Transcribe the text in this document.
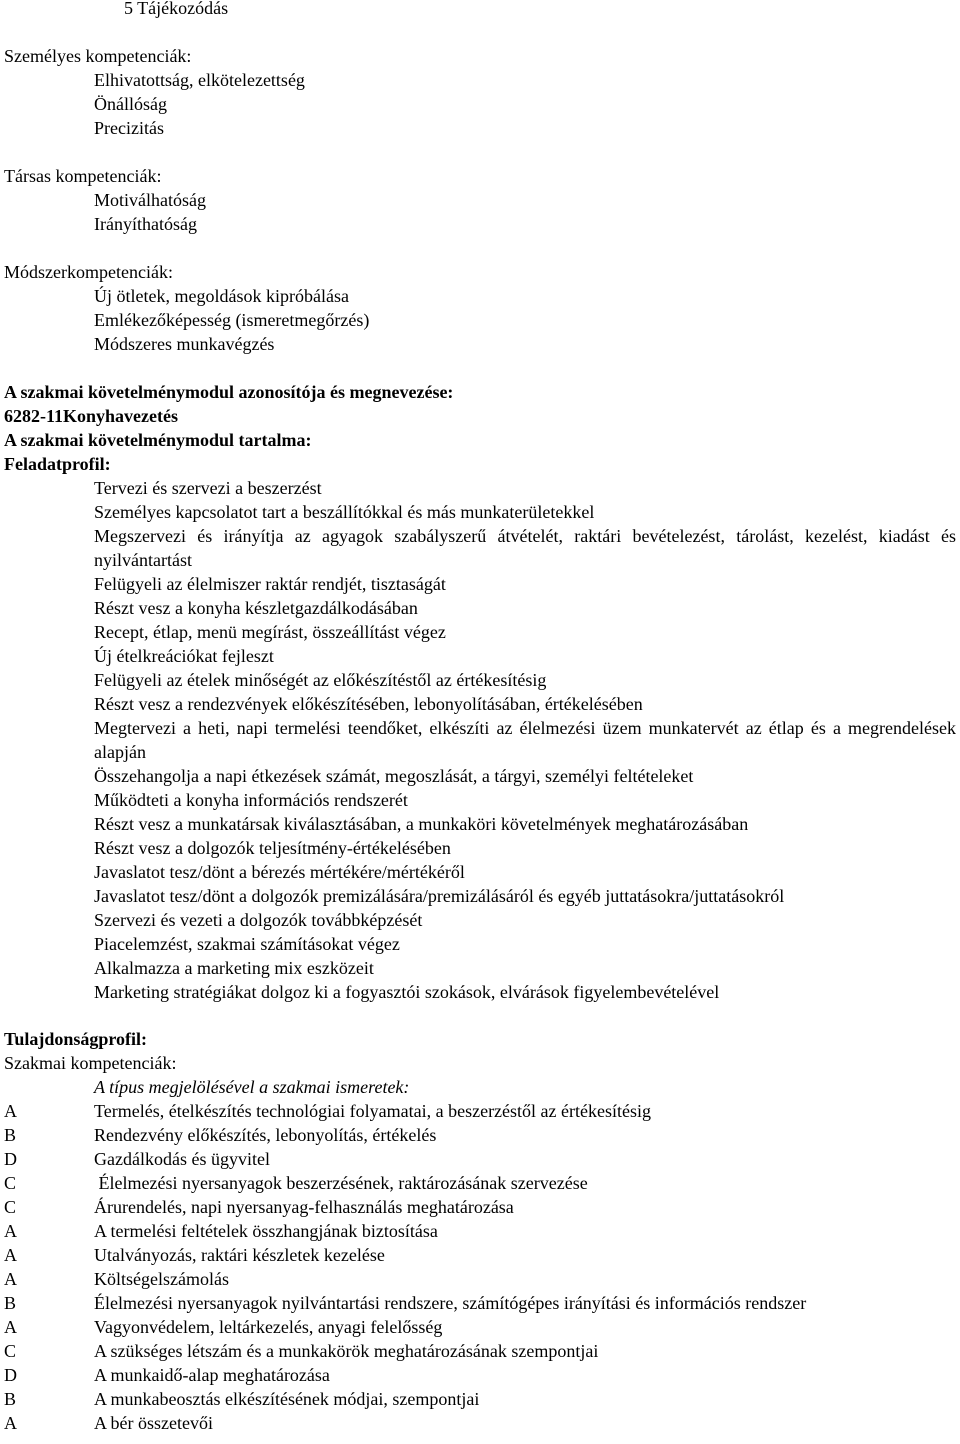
5 Tájékozódás
Személyes kompetenciák:
Elhivatottság, elkötelezettség
Önállóság
Precizitás
Társas kompetenciák:
Motiválhatóság
Irányíthatóság
Módszerkompetenciák:
Új ötletek, megoldások kipróbálása
Emlékezőképesség (ismeretmegőrzés)
Módszeres munkavégzés
A szakmai követelménymodul azonosítója és megnevezése:
6282-11Konyhavezetés
A szakmai követelménymodul tartalma:
Feladatprofil:
Tervezi és szervezi a beszerzést
Személyes kapcsolatot tart a beszállítókkal és más munkaterületekkel
Megszervezi és irányítja az agyagok szabályszerű átvételét, raktári bevételezést, tárolást, kezelést, kiadást és nyilvántartást
Felügyeli az élelmiszer raktár rendjét, tisztaságát
Részt vesz a konyha készletgazdálkodásában
Recept, étlap, menü megírást, összeállítást végez
Új ételkreációkat fejleszt
Felügyeli az ételek minőségét az előkészítéstől az értékesítésig
Részt vesz a rendezvények előkészítésében, lebonyolításában, értékelésében
Megtervezi a heti, napi termelési teendőket, elkészíti az élelmezési üzem munkatervét az étlap és a megrendelések alapján
Összehangolja a napi étkezések számát, megoszlását, a tárgyi, személyi feltételeket
Működteti a konyha információs rendszerét
Részt vesz a munkatársak kiválasztásában, a munkaköri követelmények meghatározásában
Részt vesz a dolgozók teljesítmény-értékelésében
Javaslatot tesz/dönt a bérezés mértékére/mértékéről
Javaslatot tesz/dönt a dolgozók premizálására/premizálásáról és egyéb juttatásokra/juttatásokról
Szervezi és vezeti a dolgozók továbbképzését
Piacelemzést, szakmai számításokat végez
Alkalmazza a marketing mix eszközeit
Marketing stratégiákat dolgoz ki a fogyasztói szokások, elvárások figyelembevételével
Tulajdonságprofil:
Szakmai kompetenciák:
A típus megjelölésével a szakmai ismeretek:
A	Termelés, ételkészítés technológiai folyamatai, a beszerzéstől az értékesítésig
B	Rendezvény előkészítés, lebonyolítás, értékelés
D	Gazdálkodás és ügyvitel
C	Élelmezési nyersanyagok beszerzésének, raktározásának szervezése
C	Árurendelés, napi nyersanyag-felhasználás meghatározása
A	A termelési feltételek összhangjának biztosítása
A	Utalványozás, raktári készletek kezelése
A	Költségelszámolás
B	Élelmezési nyersanyagok nyilvántartási rendszere, számítógépes irányítási és információs rendszer
A	Vagyonvédelem, leltárkezelés, anyagi felelősség
C	A szükséges létszám és a munkakörök meghatározásának szempontjai
D	A munkaidő-alap meghatározása
B	A munkabeosztás elkészítésének módjai, szempontjai
A	A bér összetevői
